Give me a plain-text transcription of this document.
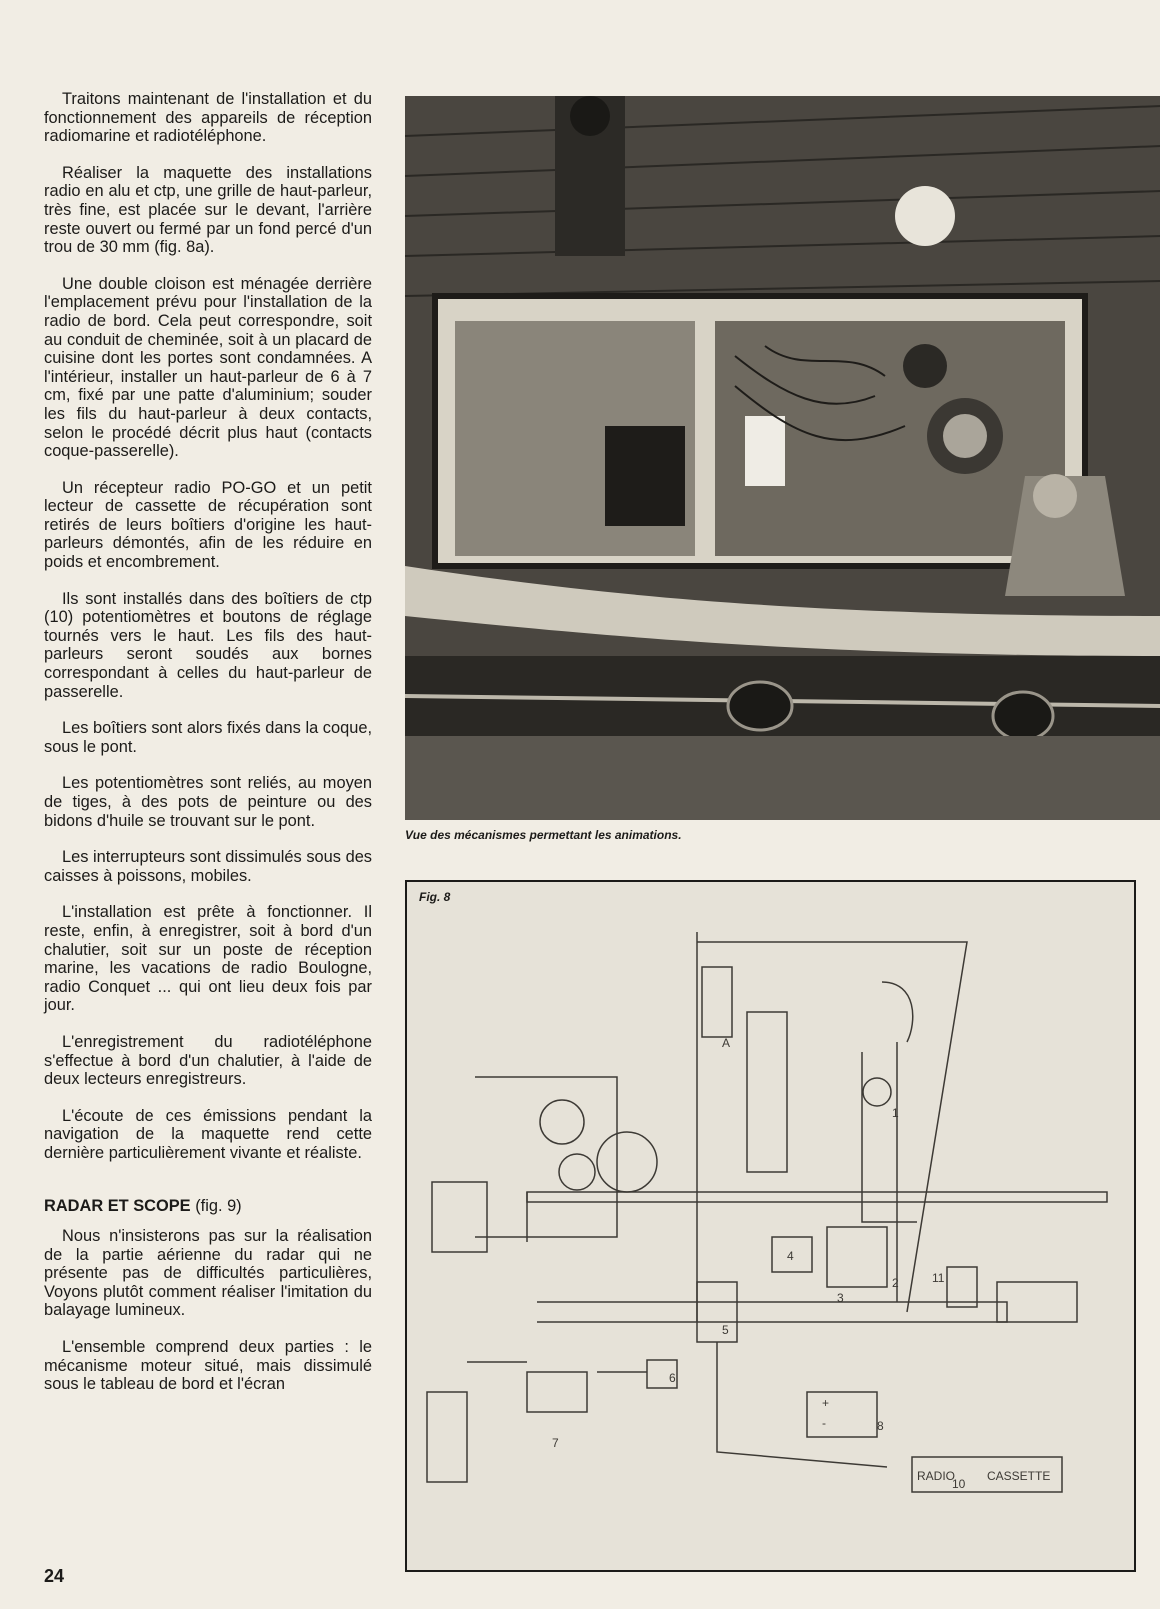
Traitons maintenant de l'installation et du fonctionnement des appareils de réception radiomarine et radiotéléphone.

Réaliser la maquette des installations radio en alu et ctp, une grille de haut-parleur, très fine, est placée sur le devant, l'arrière reste ouvert ou fermé par un fond percé d'un trou de 30 mm (fig. 8a).

Une double cloison est ménagée derrière l'emplacement prévu pour l'installation de la radio de bord. Cela peut correspondre, soit au conduit de cheminée, soit à un placard de cuisine dont les portes sont condamnées. A l'intérieur, installer un haut-parleur de 6 à 7 cm, fixé par une patte d'aluminium; souder les fils du haut-parleur à deux contacts, selon le procédé décrit plus haut (contacts coque-passerelle).

Un récepteur radio PO-GO et un petit lecteur de cassette de récupération sont retirés de leurs boîtiers d'origine les haut-parleurs démontés, afin de les réduire en poids et encombrement.

Ils sont installés dans des boîtiers de ctp (10) potentiomètres et boutons de réglage tournés vers le haut. Les fils des haut-parleurs seront soudés aux bornes correspondant à celles du haut-parleur de passerelle.

Les boîtiers sont alors fixés dans la coque, sous le pont.

Les potentiomètres sont reliés, au moyen de tiges, à des pots de peinture ou des bidons d'huile se trouvant sur le pont.

Les interrupteurs sont dissimulés sous des caisses à poissons, mobiles.

L'installation est prête à fonctionner. Il reste, enfin, à enregistrer, soit à bord d'un chalutier, soit sur un poste de réception marine, les vacations de radio Boulogne, radio Conquet ... qui ont lieu deux fois par jour.

L'enregistrement du radiotéléphone s'effectue à bord d'un chalutier, à l'aide de deux lecteurs enregistreurs.

L'écoute de ces émissions pendant la navigation de la maquette rend cette dernière particulièrement vivante et réaliste.

RADAR ET SCOPE (fig. 9)

Nous n'insisterons pas sur la réalisation de la partie aérienne du radar qui ne présente pas de difficultés particulières, Voyons plutôt comment réaliser l'imitation du balayage lumineux.

L'ensemble comprend deux parties : le mécanisme moteur situé, mais dissimulé sous le tableau de bord et l'écran

Vue des mécanismes permettant les animations.
Fig. 8
A
1
2
3
4
5
6
7
8
10
11
RADIO	CASSETTE
+
-
24
